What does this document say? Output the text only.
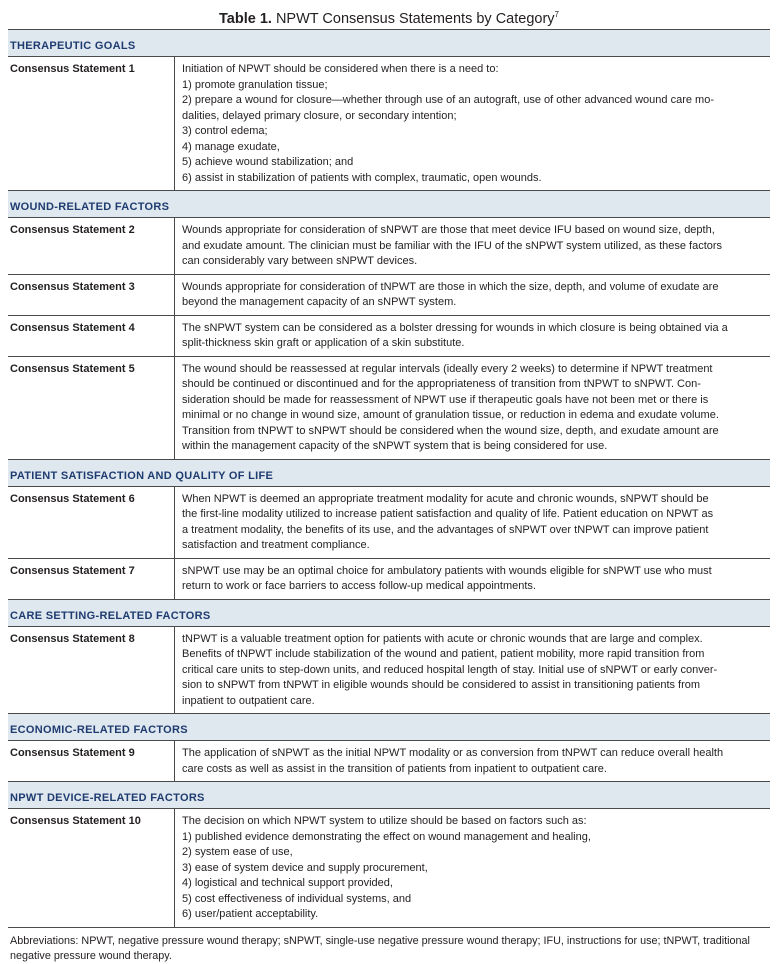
Table 1. NPWT Consensus Statements by Category$^7$
THERAPEUTIC GOALS
Consensus Statement 1	Initiation of NPWT should be considered when there is a need to:
1) promote granulation tissue;
2) prepare a wound for closure—whether through use of an autograft, use of other advanced wound care mo-
dalities, delayed primary closure, or secondary intention;
3) control edema;
4) manage exudate,
5) achieve wound stabilization; and
6) assist in stabilization of patients with complex, traumatic, open wounds.
WOUND-RELATED FACTORS
Consensus Statement 2	Wounds appropriate for consideration of sNPWT are those that meet device IFU based on wound size, depth,
and exudate amount. The clinician must be familiar with the IFU of the sNPWT system utilized, as these factors
can considerably vary between sNPWT devices.
Consensus Statement 3	Wounds appropriate for consideration of tNPWT are those in which the size, depth, and volume of exudate are
beyond the management capacity of an sNPWT system.
Consensus Statement 4	The sNPWT system can be considered as a bolster dressing for wounds in which closure is being obtained via a
split-thickness skin graft or application of a skin substitute.
Consensus Statement 5	The wound should be reassessed at regular intervals (ideally every 2 weeks) to determine if NPWT treatment
should be continued or discontinued and for the appropriateness of transition from tNPWT to sNPWT. Con-
sideration should be made for reassessment of NPWT use if therapeutic goals have not been met or there is
minimal or no change in wound size, amount of granulation tissue, or reduction in edema and exudate volume.
Transition from tNPWT to sNPWT should be considered when the wound size, depth, and exudate amount are
within the management capacity of the sNPWT system that is being considered for use.
PATIENT SATISFACTION AND QUALITY OF LIFE
Consensus Statement 6	When NPWT is deemed an appropriate treatment modality for acute and chronic wounds, sNPWT should be
the first-line modality utilized to increase patient satisfaction and quality of life. Patient education on NPWT as
a treatment modality, the benefits of its use, and the advantages of sNPWT over tNPWT can improve patient
satisfaction and treatment compliance.
Consensus Statement 7	sNPWT use may be an optimal choice for ambulatory patients with wounds eligible for sNPWT use who must
return to work or face barriers to access follow-up medical appointments.
CARE SETTING-RELATED FACTORS
Consensus Statement 8	tNPWT is a valuable treatment option for patients with acute or chronic wounds that are large and complex.
Benefits of tNPWT include stabilization of the wound and patient, patient mobility, more rapid transition from
critical care units to step-down units, and reduced hospital length of stay. Initial use of sNPWT or early conver-
sion to sNPWT from tNPWT in eligible wounds should be considered to assist in transitioning patients from
inpatient to outpatient care.
ECONOMIC-RELATED FACTORS
Consensus Statement 9	The application of sNPWT as the initial NPWT modality or as conversion from tNPWT can reduce overall health
care costs as well as assist in the transition of patients from inpatient to outpatient care.
NPWT DEVICE-RELATED FACTORS
Consensus Statement 10	The decision on which NPWT system to utilize should be based on factors such as:
1) published evidence demonstrating the effect on wound management and healing,
2) system ease of use,
3) ease of system device and supply procurement,
4) logistical and technical support provided,
5) cost effectiveness of individual systems, and
6) user/patient acceptability.
Abbreviations: NPWT, negative pressure wound therapy; sNPWT, single-use negative pressure wound therapy; IFU, instructions for use; tNPWT, traditional
negative pressure wound therapy.
